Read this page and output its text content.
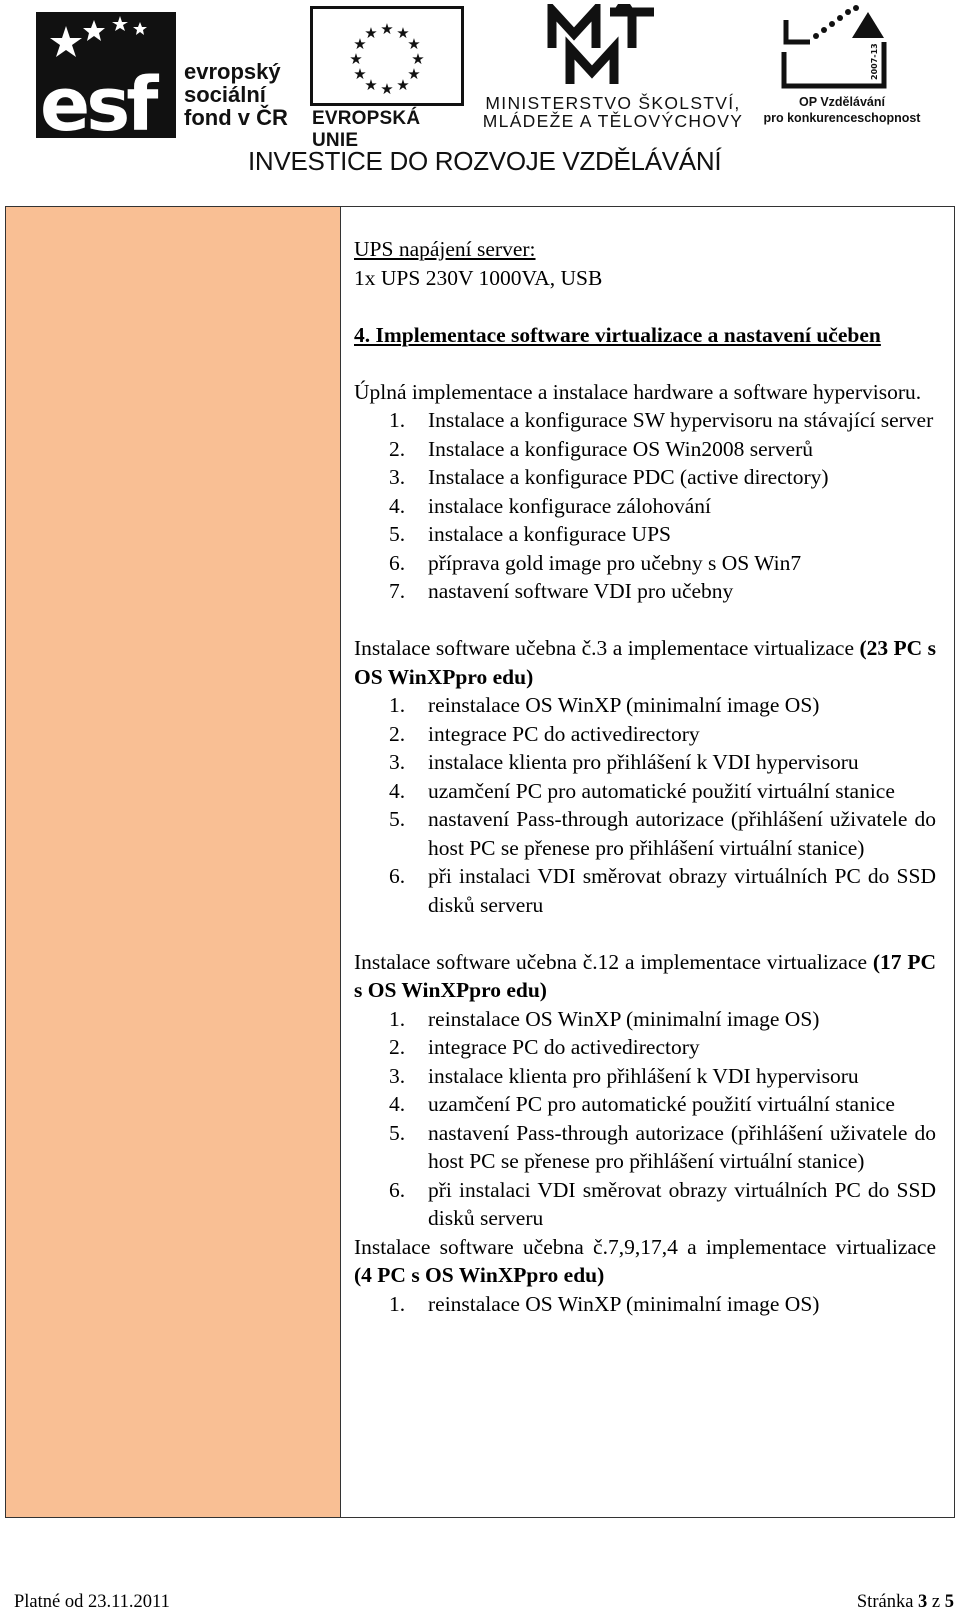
esf evropský
sociální
fond v ČR
★ ★
★
★
★
★
★
★
★
★
★
★
EVROPSKÁ UNIE
MINISTERSTVO ŠKOLSTVÍ,
MLÁDEŽE A TĚLOVÝCHOVY
2007-13
OP Vzdělávání
pro konkurenceschopnost
INVESTICE DO ROZVOJE VZDĚLÁVÁNÍ

UPS napájení server:

1x UPS 230V 1000VA, USB

4. Implementace software virtualizace a nastavení učeben

Úplná implementace a instalace hardware a software hypervisoru.

1. Instalace a konfigurace SW hypervisoru na stávající server
2. Instalace a konfigurace OS Win2008 serverů
3. Instalace a konfigurace PDC (active directory)
4. instalace konfigurace zálohování
5. instalace a konfigurace UPS
6. příprava gold image pro učebny s OS Win7
7. nastavení software VDI pro učebny

Instalace software učebna č.3 a implementace virtualizace (23 PC s OS WinXPpro edu)

1. reinstalace OS WinXP (minimalní image OS)
2. integrace PC do activedirectory
3. instalace klienta pro přihlášení k VDI hypervisoru
4. uzamčení PC pro automatické použití virtuální stanice
5. nastavení Pass-through autorizace (přihlášení uživatele do host PC se přenese pro přihlášení virtuální stanice)
6. při instalaci VDI směrovat obrazy virtuálních PC do SSD disků serveru

Instalace software učebna č.12 a implementace virtualizace (17 PC s OS WinXPpro edu)

1. reinstalace OS WinXP (minimalní image OS)
2. integrace PC do activedirectory
3. instalace klienta pro přihlášení k VDI hypervisoru
4. uzamčení PC pro automatické použití virtuální stanice
5. nastavení Pass-through autorizace (přihlášení uživatele do host PC se přenese pro přihlášení virtuální stanice)
6. při instalaci VDI směrovat obrazy virtuálních PC do SSD disků serveru

Instalace software učebna č.7,9,17,4 a implementace virtualizace (4 PC s OS WinXPpro edu)

1. reinstalace OS WinXP (minimalní image OS)
Platné od 23.11.2011	Stránka 3 z 5
